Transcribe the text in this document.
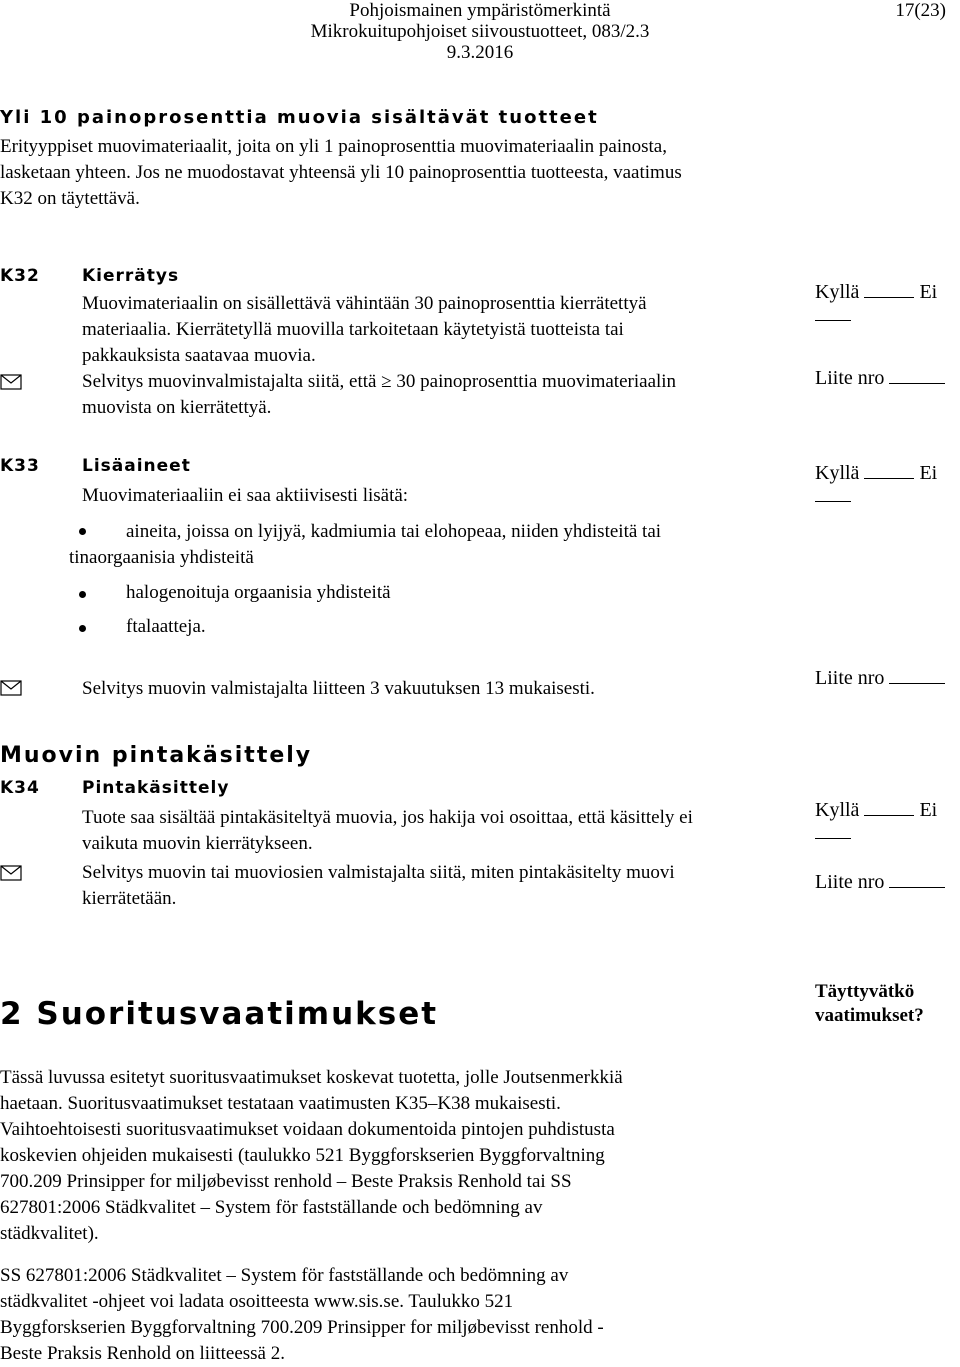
Pohjoismainen ympäristömerkintä
Mikrokuitupohjoiset siivoustuotteet, 083/2.3
9.3.2016
17(23)
Yli 10 painoprosenttia muovia sisältävät tuotteet
Erityyppiset muovimateriaalit, joita on yli 1 painoprosenttia muovimateriaalin painosta,
lasketaan yhteen. Jos ne muodostavat yhteensä yli 10 painoprosenttia tuotteesta, vaatimus
K32 on täytettävä.
K32 Kierrätys
Muovimateriaalin on sisällettävä vähintään 30 painoprosenttia kierrätettyä
materiaalia. Kierrätetyllä muovilla tarkoitetaan käytetyistä tuotteista tai
pakkauksista saatavaa muovia.
Selvitys muovinvalmistajalta siitä, että ≥ 30 painoprosenttia muovimateriaalin
muovista on kierrätettyä.
Kyllä	Ei
Liite nro
K33 Lisäaineet
Muovimateriaaliin ei saa aktiivisesti lisätä:
aineita, joissa on lyijyä, kadmiumia tai elohopeaa, niiden yhdisteitä tai
tinaorgaanisia yhdisteitä
halogenoituja orgaanisia yhdisteitä
ftalaatteja.
Selvitys muovin valmistajalta liitteen 3 vakuutuksen 13 mukaisesti.
Kyllä	Ei
Liite nro
Muovin pintakäsittely
K34 Pintakäsittely
Tuote saa sisältää pintakäsiteltyä muovia, jos hakija voi osoittaa, että käsittely ei
vaikuta muovin kierrätykseen.
Selvitys muovin tai muoviosien valmistajalta siitä, miten pintakäsitelty muovi
kierrätetään.
Kyllä	Ei
Liite nro
2 Suoritusvaatimukset
Täyttyvätkö
vaatimukset?
Tässä luvussa esitetyt suoritusvaatimukset koskevat tuotetta, jolle Joutsenmerkkiä
haetaan. Suoritusvaatimukset testataan vaatimusten K35–K38 mukaisesti.
Vaihtoehtoisesti suoritusvaatimukset voidaan dokumentoida pintojen puhdistusta
koskevien ohjeiden mukaisesti (taulukko 521 Byggforskserien Byggforvaltning
700.209 Prinsipper for miljøbevisst renhold – Beste Praksis Renhold tai SS
627801:2006 Städkvalitet – System för fastställande och bedömning av
städkvalitet).
SS 627801:2006 Städkvalitet – System för fastställande och bedömning av
städkvalitet -ohjeet voi ladata osoitteesta www.sis.se. Taulukko 521
Byggforskserien Byggforvaltning 700.209 Prinsipper for miljøbevisst renhold -
Beste Praksis Renhold on liitteessä 2.
